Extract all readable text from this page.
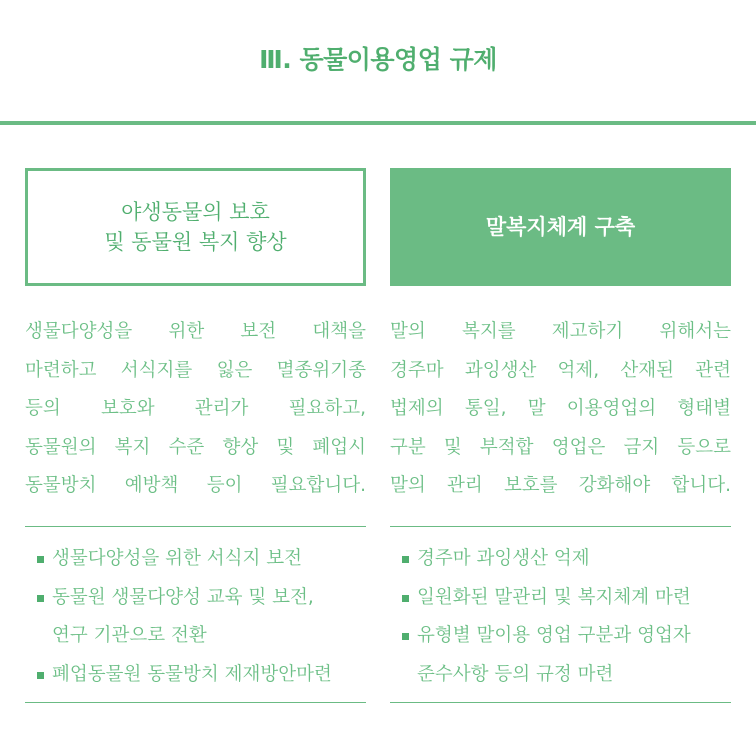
Ⅲ. 동물이용영업 규제
야생동물의 보호
및 동물원 복지 향상
생물다양성을 위한 보전 대책을
마련하고 서식지를 잃은 멸종위기종
등의 보호와 관리가 필요하고,
동물원의 복지 수준 향상 및 폐업시
동물방치 예방책 등이 필요합니다.
생물다양성을 위한 서식지 보전
동물원 생물다양성 교육 및 보전,
연구 기관으로 전환
폐업동물원 동물방치 제재방안마련
말복지체계 구축
말의 복지를 제고하기 위해서는
경주마 과잉생산 억제, 산재된 관련
법제의 통일, 말 이용영업의 형태별
구분 및 부적합 영업은 금지 등으로
말의 관리 보호를 강화해야 합니다.
경주마 과잉생산 억제
일원화된 말관리 및 복지체계 마련
유형별 말이용 영업 구분과 영업자
준수사항 등의 규정 마련
